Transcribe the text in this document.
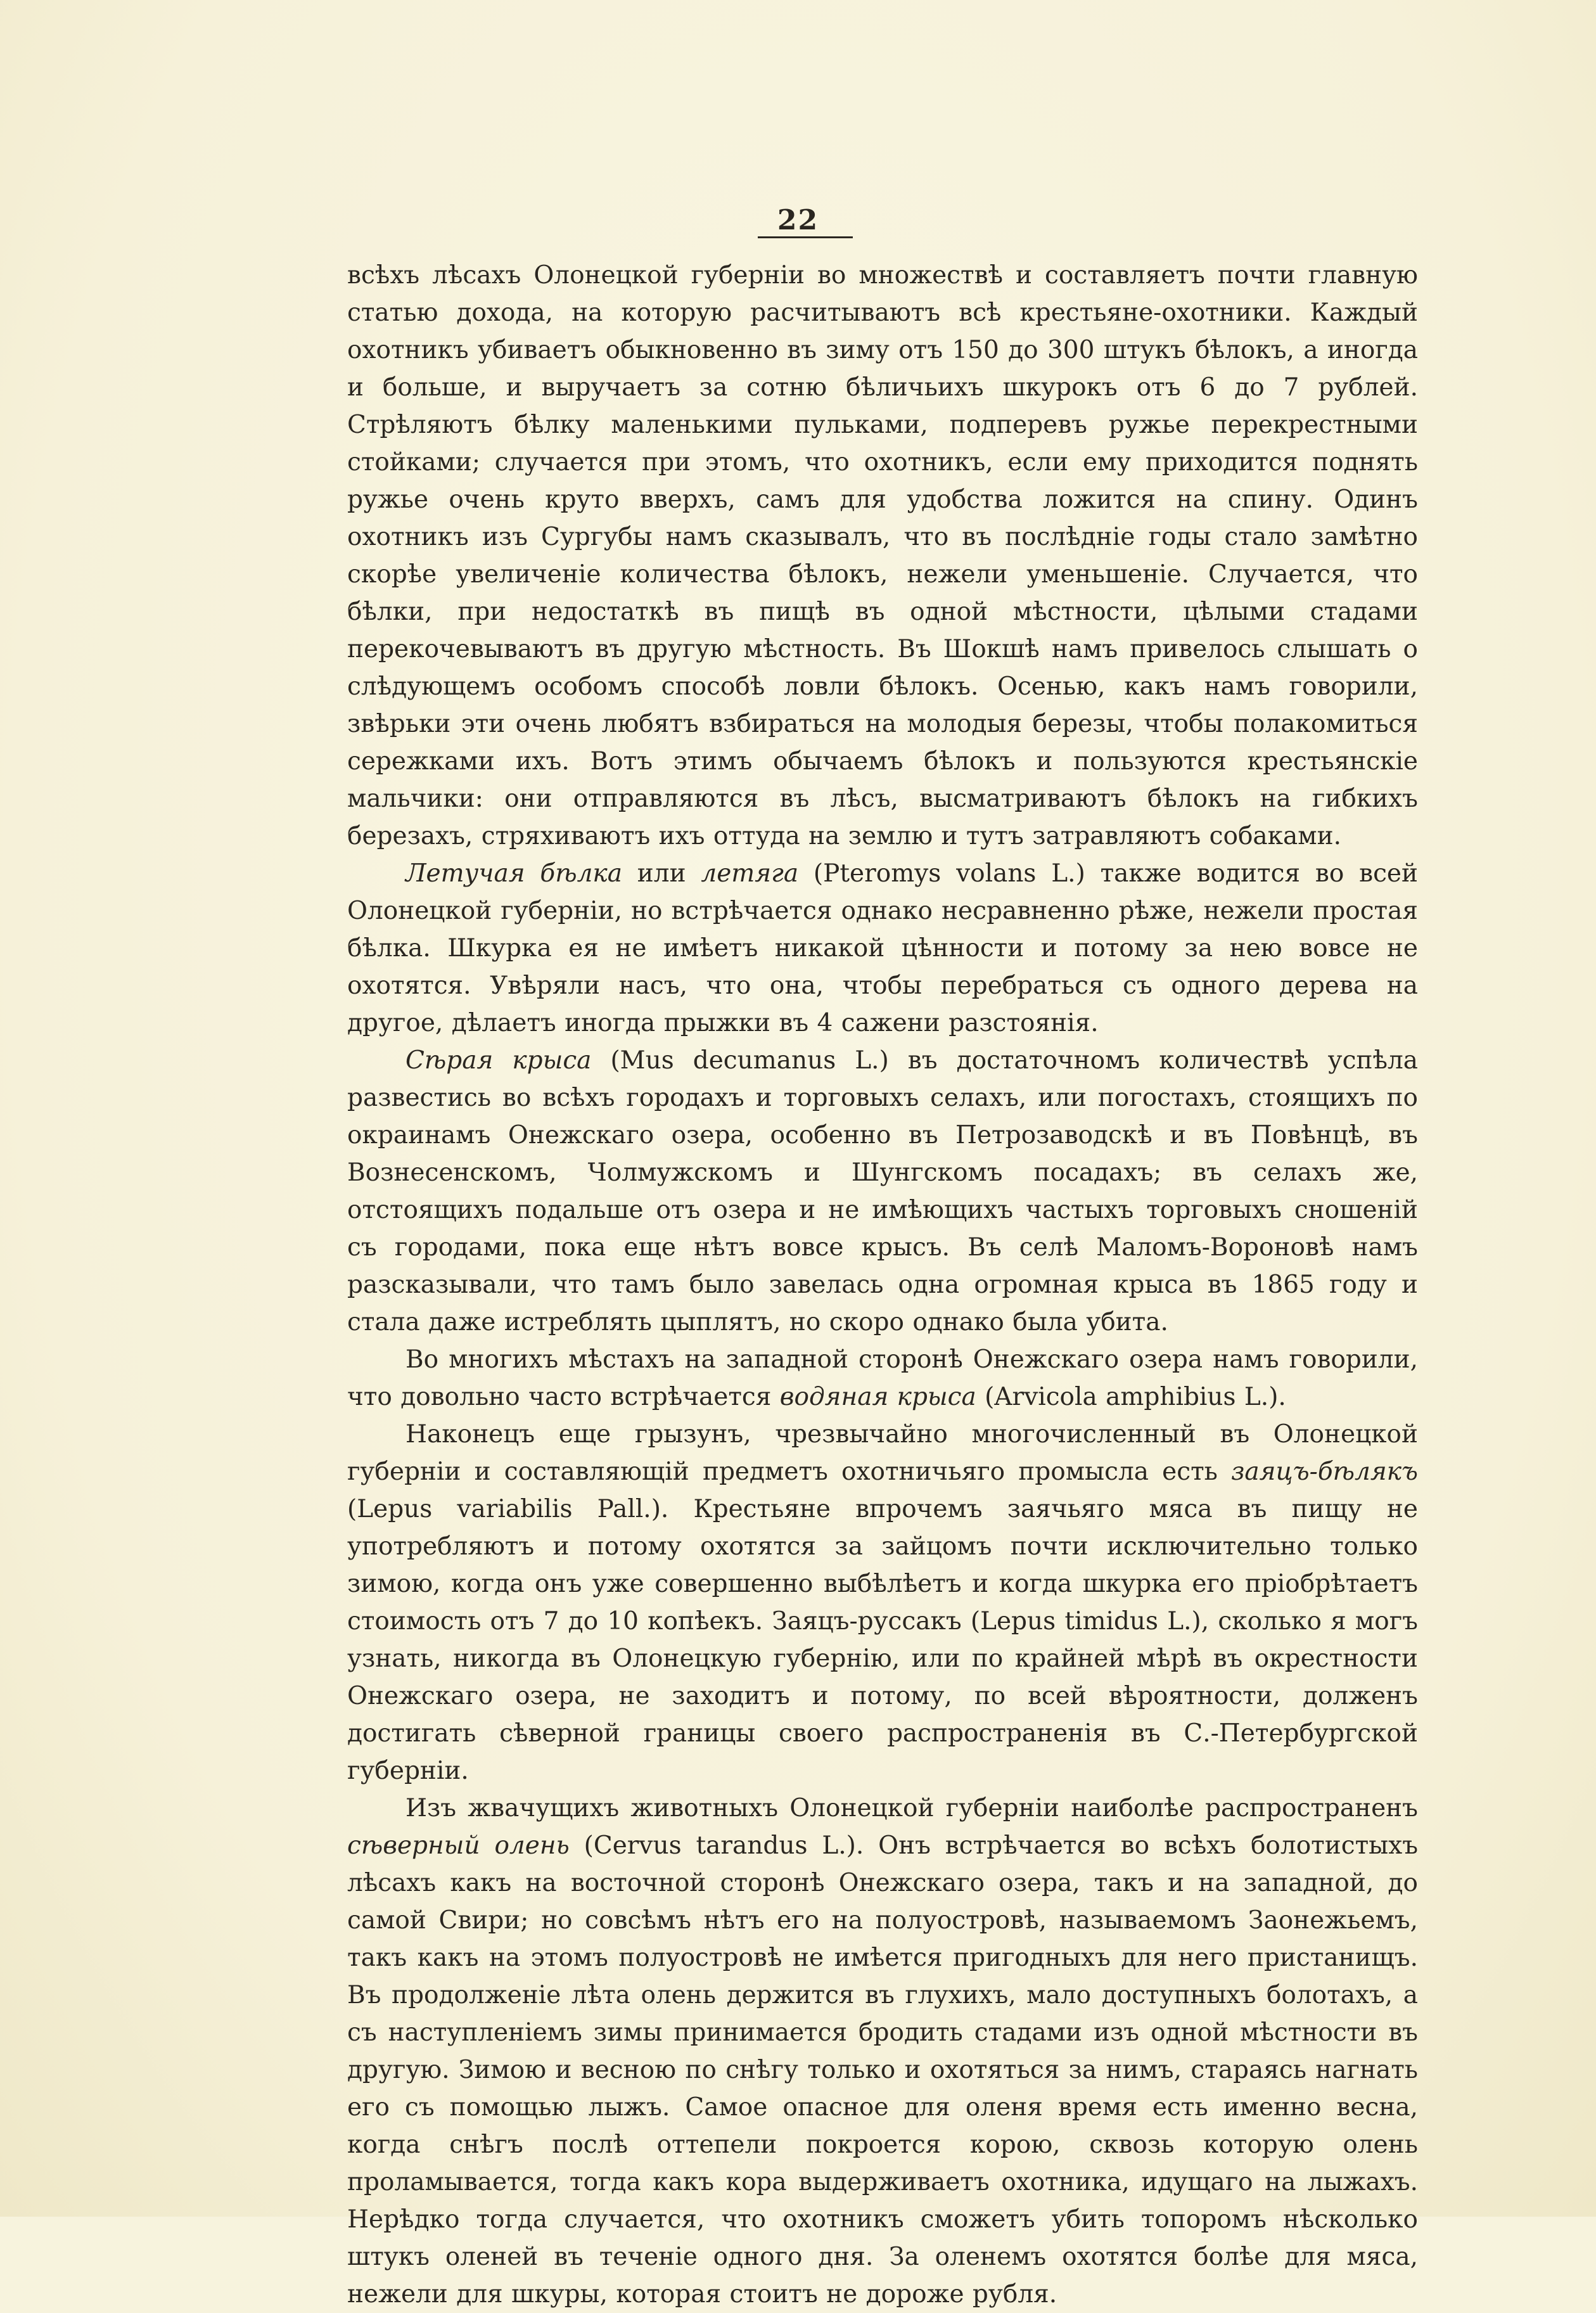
22

всѣхъ лѣсахъ Олонецкой губерніи во множествѣ и составляетъ почти главную статью дохода, на которую расчитываютъ всѣ крестьяне-охотники. Каждый охотникъ убиваетъ обыкновенно въ зиму отъ 150 до 300 штукъ бѣлокъ, а иногда и больше, и выручаетъ за сотню бѣличьихъ шкурокъ отъ 6 до 7 рублей. Стрѣляютъ бѣлку маленькими пульками, подперевъ ружье перекрестными стойками; случается при этомъ, что охотникъ, если ему приходится поднять ружье очень круто вверхъ, самъ для удобства ложится на спину. Одинъ охотникъ изъ Сургубы намъ сказывалъ, что въ послѣдніе годы стало замѣтно скорѣе увеличеніе количества бѣлокъ, нежели уменьшеніе. Случается, что бѣлки, при недостаткѣ въ пищѣ въ одной мѣстности, цѣлыми стадами перекочевываютъ въ другую мѣстность. Въ Шокшѣ намъ привелось слышать о слѣдующемъ особомъ способѣ ловли бѣлокъ. Осенью, какъ намъ говорили, звѣрьки эти очень любятъ взбираться на молодыя березы, чтобы полакомиться сережками ихъ. Вотъ этимъ обычаемъ бѣлокъ и пользуются крестьянскіе мальчики: они отправляются въ лѣсъ, высматриваютъ бѣлокъ на гибкихъ березахъ, стряхиваютъ ихъ оттуда на землю и тутъ затравляютъ собаками.

Летучая бѣлка или летяга (Pteromys volans L.) также водится во всей Олонецкой губерніи, но встрѣчается однако несравненно рѣже, нежели простая бѣлка. Шкурка ея не имѣетъ никакой цѣнности и потому за нею вовсе не охотятся. Увѣряли насъ, что она, чтобы перебраться съ одного дерева на другое, дѣлаетъ иногда прыжки въ 4 сажени разстоянія.

Сѣрая крыса (Mus decumanus L.) въ достаточномъ количествѣ успѣла развестись во всѣхъ городахъ и торговыхъ селахъ, или погостахъ, стоящихъ по окраинамъ Онежскаго озера, особенно въ Петрозаводскѣ и въ Повѣнцѣ, въ Вознесенскомъ, Чолмужскомъ и Шунгскомъ посадахъ; въ селахъ же, отстоящихъ подальше отъ озера и не имѣющихъ частыхъ торговыхъ сношеній съ городами, пока еще нѣтъ вовсе крысъ. Въ селѣ Маломъ-Вороновѣ намъ разсказывали, что тамъ было завелась одна огромная крыса въ 1865 году и стала даже истреблять цыплятъ, но скоро однако была убита.

Во многихъ мѣстахъ на западной сторонѣ Онежскаго озера намъ говорили, что довольно часто встрѣчается водяная крыса (Arvicola amphibius L.).

Наконецъ еще грызунъ, чрезвычайно многочисленный въ Олонецкой губерніи и составляющій предметъ охотничьяго промысла есть заяцъ-бѣлякъ (Lepus variabilis Pall.). Крестьяне впрочемъ заячьяго мяса въ пищу не употребляютъ и потому охотятся за зайцомъ почти исключительно только зимою, когда онъ уже совершенно выбѣлѣетъ и когда шкурка его пріобрѣтаетъ стоимость отъ 7 до 10 копѣекъ. Заяцъ-руссакъ (Lepus timidus L.), сколько я могъ узнать, никогда въ Олонецкую губернію, или по крайней мѣрѣ въ окрестности Онежскаго озера, не заходитъ и потому, по всей вѣроятности, долженъ достигать сѣверной границы своего распространенія въ С.-Петербургской губерніи.

Изъ жвачущихъ животныхъ Олонецкой губерніи наиболѣе распространенъ сѣверный олень (Cervus tarandus L.). Онъ встрѣчается во всѣхъ болотистыхъ лѣсахъ какъ на восточной сторонѣ Онежскаго озера, такъ и на западной, до самой Свири; но совсѣмъ нѣтъ его на полуостровѣ, называемомъ Заонежьемъ, такъ какъ на этомъ полуостровѣ не имѣется пригодныхъ для него пристанищъ. Въ продолженіе лѣта олень держится въ глухихъ, мало доступныхъ болотахъ, а съ наступленіемъ зимы принимается бродить стадами изъ одной мѣстности въ другую. Зимою и весною по снѣгу только и охотяться за нимъ, стараясь нагнать его съ помощью лыжъ. Самое опасное для оленя время есть именно весна, когда снѣгъ послѣ оттепели покроется корою, сквозь которую олень проламывается, тогда какъ кора выдерживаетъ охотника, идущаго на лыжахъ. Нерѣдко тогда случается, что охотникъ сможетъ убить топоромъ нѣсколько штукъ оленей въ теченіе одного дня. За оленемъ охотятся болѣе для мяса, нежели для шкуры, которая стоитъ не дороже рубля.
